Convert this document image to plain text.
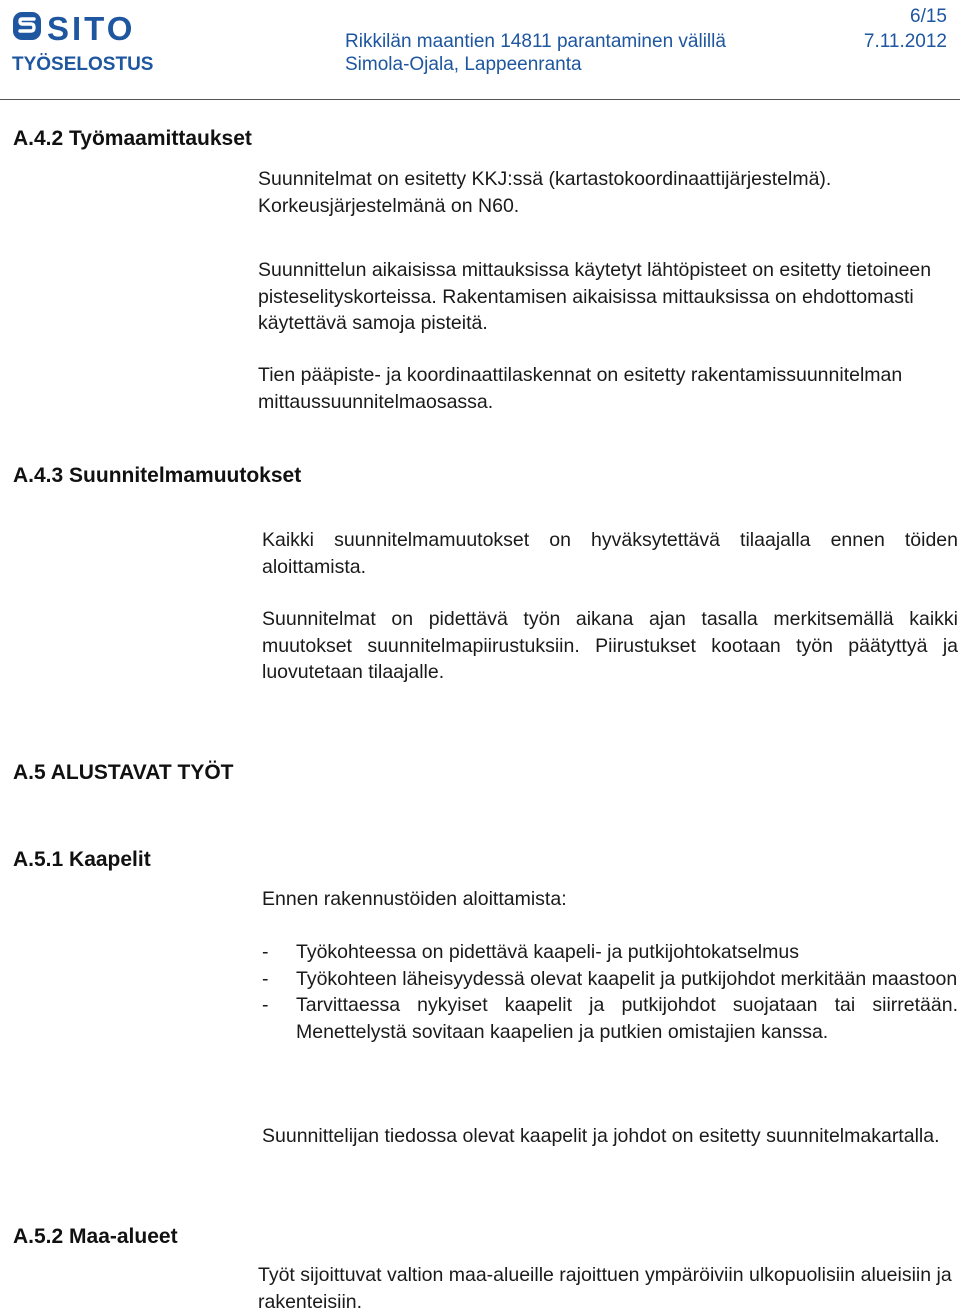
SITO
TYÖSELOSTUS
Rikkilän maantien 14811 parantaminen välillä
Simola-Ojala, Lappeenranta
6/15
7.11.2012
A.4.2 Työmaamittaukset
Suunnitelmat on esitetty KKJ:ssä (kartastokoordinaattijärjestelmä). Korkeusjärjestelmänä on N60.
Suunnittelun aikaisissa mittauksissa käytetyt lähtöpisteet on esitetty tietoineen pisteselityskorteissa. Rakentamisen aikaisissa mittauksissa on ehdottomasti käytettävä samoja pisteitä.
Tien pääpiste- ja koordinaattilaskennat on esitetty rakentamissuunnitelman mittaussuunnitelmaosassa.
A.4.3 Suunnitelmamuutokset
Kaikki suunnitelmamuutokset on hyväksytettävä tilaajalla ennen töiden aloittamista.
Suunnitelmat on pidettävä työn aikana ajan tasalla merkitsemällä kaikki muutokset suunnitelmapiirustuksiin. Piirustukset kootaan työn päätyttyä ja luovutetaan tilaajalle.
A.5 ALUSTAVAT TYÖT
A.5.1 Kaapelit
Ennen rakennustöiden aloittamista:
- Työkohteessa on pidettävä kaapeli- ja putkijohtokatselmus
- Työkohteen läheisyydessä olevat kaapelit ja putkijohdot merkitään maastoon
- Tarvittaessa nykyiset kaapelit ja putkijohdot suojataan tai siirretään. Menettelystä sovitaan kaapelien ja putkien omistajien kanssa.
Suunnittelijan tiedossa olevat kaapelit ja johdot on esitetty suunnitelmakartalla.
A.5.2 Maa-alueet
Työt sijoittuvat valtion maa-alueille rajoittuen ympäröiviin ulkopuolisiin alueisiin ja rakenteisiin.
